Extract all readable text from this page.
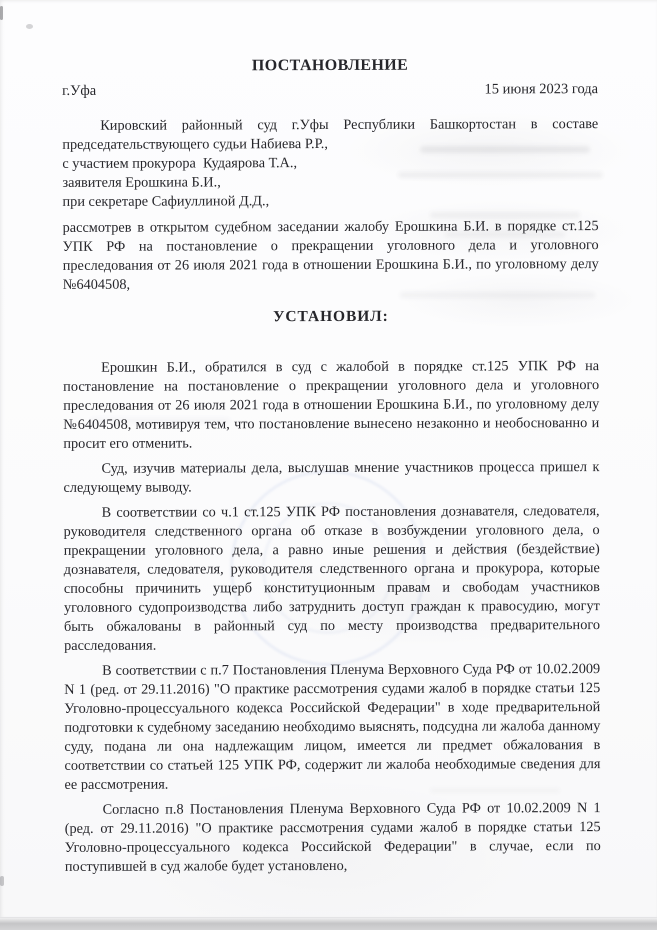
ПОСТАНОВЛЕНИЕ
г.Уфа	15 июня 2023 года

Кировский районный суд г.Уфы Республики Башкортостан в составе председательствующего судьи Набиева Р.Р.,

с участием прокурора  Кудаярова Т.А.,

заявителя Ерошкина Б.И.,

при секретаре Сафиуллиной Д.Д.,

рассмотрев в открытом судебном заседании жалобу Ерошкина Б.И. в порядке ст.125 УПК РФ на постановление о прекращении уголовного дела и уголовного преследования от 26 июля 2021 года в отношении Ерошкина Б.И., по уголовному делу №6404508,

УСТАНОВИЛ:

Ерошкин Б.И., обратился в суд с жалобой в порядке ст.125 УПК РФ на постановление на постановление о прекращении уголовного дела и уголовного преследования от 26 июля 2021 года в отношении Ерошкина Б.И., по уголовному делу №6404508, мотивируя тем, что постановление вынесено незаконно и необоснованно и просит его отменить.

Суд, изучив материалы дела, выслушав мнение участников процесса пришел к следующему выводу.

В соответствии со ч.1 ст.125 УПК РФ постановления дознавателя, следователя, руководителя следственного органа об отказе в возбуждении уголовного дела, о прекращении уголовного дела, а равно иные решения и действия (бездействие) дознавателя, следователя, руководителя следственного органа и прокурора, которые способны причинить ущерб конституционным правам и свободам участников уголовного судопроизводства либо затруднить доступ граждан к правосудию, могут быть обжалованы в районный суд по месту производства предварительного расследования.

В соответствии с п.7 Постановления Пленума Верховного Суда РФ от 10.02.2009 N 1 (ред. от 29.11.2016) "О практике рассмотрения судами жалоб в порядке статьи 125 Уголовно-процессуального кодекса Российской Федерации" в ходе предварительной подготовки к судебному заседанию необходимо выяснять, подсудна ли жалоба данному суду, подана ли она надлежащим лицом, имеется ли предмет обжалования в соответствии со статьей 125 УПК РФ, содержит ли жалоба необходимые сведения для ее рассмотрения.

Согласно п.8 Постановления Пленума Верховного Суда РФ от 10.02.2009 N 1 (ред. от 29.11.2016) "О практике рассмотрения судами жалоб в порядке статьи 125 Уголовно-процессуального кодекса Российской Федерации" в случае, если по поступившей в суд жалобе будет установлено,
